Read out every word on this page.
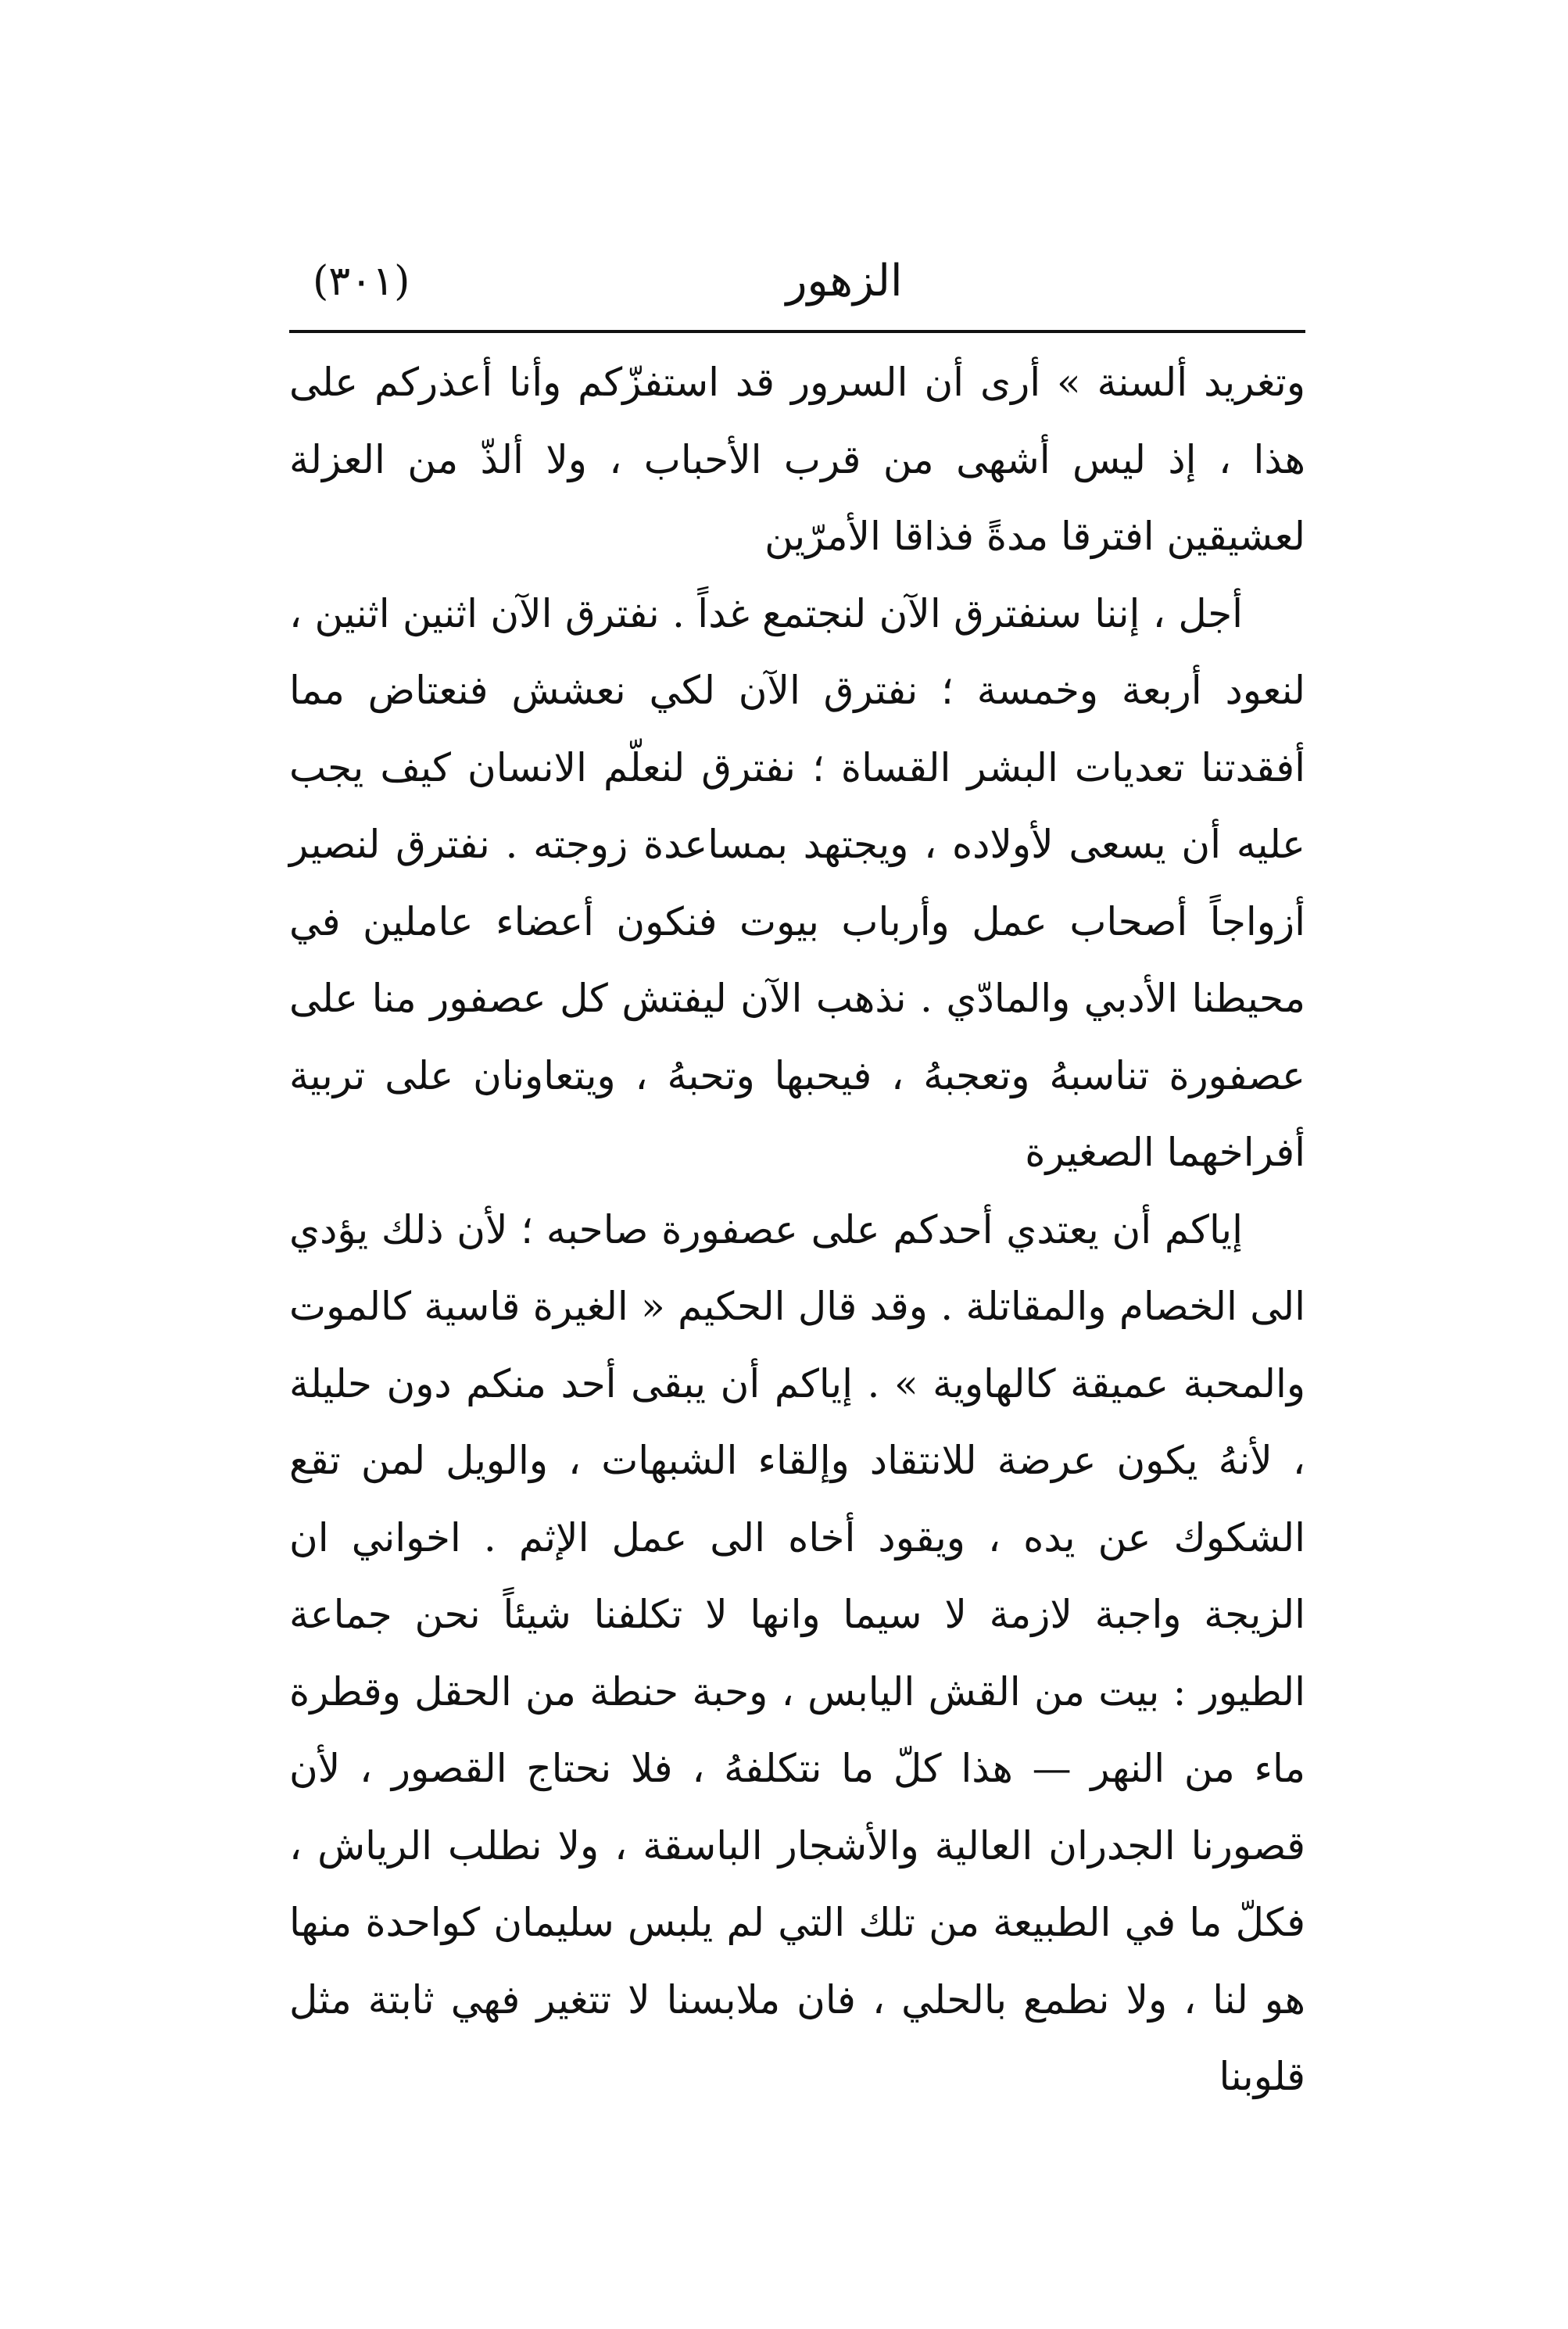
(٣٠١)	الزهور

وتغريد ألسنة » أرى أن السرور قد استفزّكم وأنا أعذركم على هذا ، إذ ليس أشهى من قرب الأحباب ، ولا ألذّ من العزلة لعشيقين افترقا مدةً فذاقا الأمرّين

أجل ، إننا سنفترق الآن لنجتمع غداً . نفترق الآن اثنين اثنين ، لنعود أربعة وخمسة ؛ نفترق الآن لكي نعشش فنعتاض مما أفقدتنا تعديات البشر القساة ؛ نفترق لنعلّم الانسان كيف يجب عليه أن يسعى لأولاده ، ويجتهد بمساعدة زوجته . نفترق لنصير أزواجاً أصحاب عمل وأرباب بيوت فنكون أعضاء عاملين في محيطنا الأدبي والمادّي . نذهب الآن ليفتش كل عصفور منا على عصفورة تناسبهُ وتعجبهُ ، فيحبها وتحبهُ ، ويتعاونان على تربية أفراخهما الصغيرة

إياكم أن يعتدي أحدكم على عصفورة صاحبه ؛ لأن ذلك يؤدي الى الخصام والمقاتلة . وقد قال الحكيم « الغيرة قاسية كالموت والمحبة عميقة كالهاوية » . إياكم أن يبقى أحد منكم دون حليلة ، لأنهُ يكون عرضة للانتقاد وإلقاء الشبهات ، والويل لمن تقع الشكوك عن يده ، ويقود أخاه الى عمل الإثم . اخواني ان الزيجة واجبة لازمة لا سيما وانها لا تكلفنا شيئاً نحن جماعة الطيور : بيت من القش اليابس ، وحبة حنطة من الحقل وقطرة ماء من النهر — هذا كلّ ما نتكلفهُ ، فلا نحتاج القصور ، لأن قصورنا الجدران العالية والأشجار الباسقة ، ولا نطلب الرياش ، فكلّ ما في الطبيعة من تلك التي لم يلبس سليمان كواحدة منها هو لنا ، ولا نطمع بالحلي ، فان ملابسنا لا تتغير فهي ثابتة مثل قلوبنا
